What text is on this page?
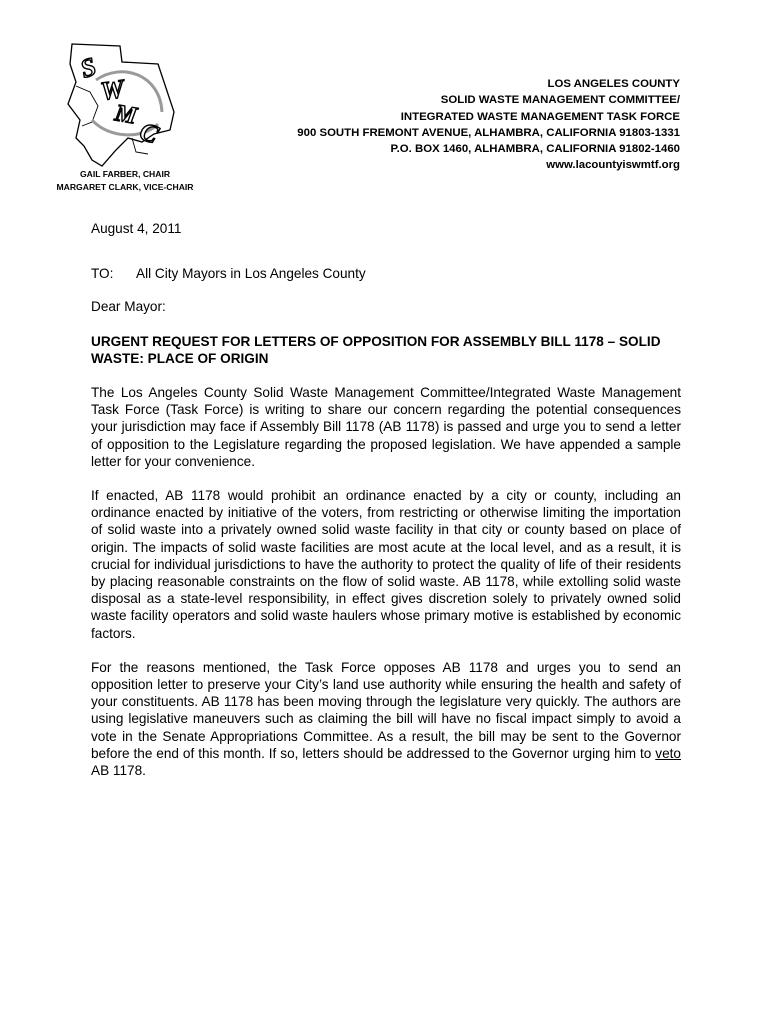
S
W
M
C
LOS ANGELES COUNTY
SOLID WASTE MANAGEMENT COMMITTEE/
INTEGRATED WASTE MANAGEMENT TASK FORCE
900 SOUTH FREMONT AVENUE, ALHAMBRA, CALIFORNIA 91803-1331
P.O. BOX 1460, ALHAMBRA, CALIFORNIA 91802-1460
www.lacountyiswmtf.org
GAIL FARBER, CHAIR
MARGARET CLARK, VICE-CHAIR
August 4, 2011
TO:	All City Mayors in Los Angeles County
Dear Mayor:
URGENT REQUEST FOR LETTERS OF OPPOSITION FOR ASSEMBLY BILL 1178 – SOLID WASTE: PLACE OF ORIGIN

The Los Angeles County Solid Waste Management Committee/Integrated Waste Management Task Force (Task Force) is writing to share our concern regarding the potential consequences your jurisdiction may face if Assembly Bill 1178 (AB 1178) is passed and urge you to send a letter of opposition to the Legislature regarding the proposed legislation. We have appended a sample letter for your convenience.

If enacted, AB 1178 would prohibit an ordinance enacted by a city or county, including an ordinance enacted by initiative of the voters, from restricting or otherwise limiting the importation of solid waste into a privately owned solid waste facility in that city or county based on place of origin. The impacts of solid waste facilities are most acute at the local level, and as a result, it is crucial for individual jurisdictions to have the authority to protect the quality of life of their residents by placing reasonable constraints on the flow of solid waste. AB 1178, while extolling solid waste disposal as a state-level responsibility, in effect gives discretion solely to privately owned solid waste facility operators and solid waste haulers whose primary motive is established by economic factors.

For the reasons mentioned, the Task Force opposes AB 1178 and urges you to send an opposition letter to preserve your City’s land use authority while ensuring the health and safety of your constituents. AB 1178 has been moving through the legislature very quickly. The authors are using legislative maneuvers such as claiming the bill will have no fiscal impact simply to avoid a vote in the Senate Appropriations Committee. As a result, the bill may be sent to the Governor before the end of this month. If so, letters should be addressed to the Governor urging him to veto AB 1178.
